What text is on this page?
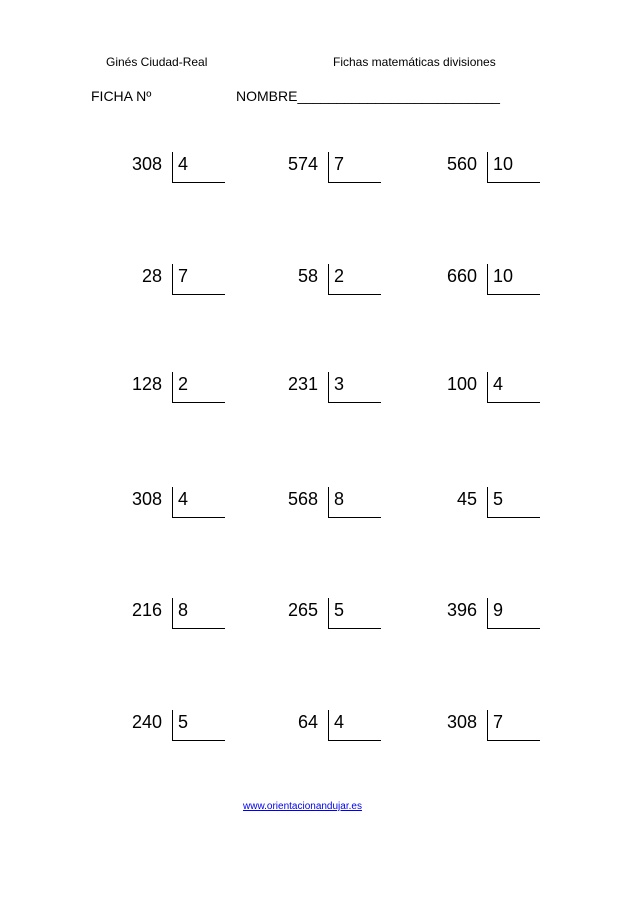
Ginés Ciudad-Real	Fichas matemáticas divisiones
FICHA Nº	NOMBRE__________________________
308 4	574 7	560 10
28 7	58 2	660 10
128 2	231 3	100 4
308 4	568 8	45 5
216 8	265 5	396 9
240 5	64 4	308 7
www.orientacionandujar.es
